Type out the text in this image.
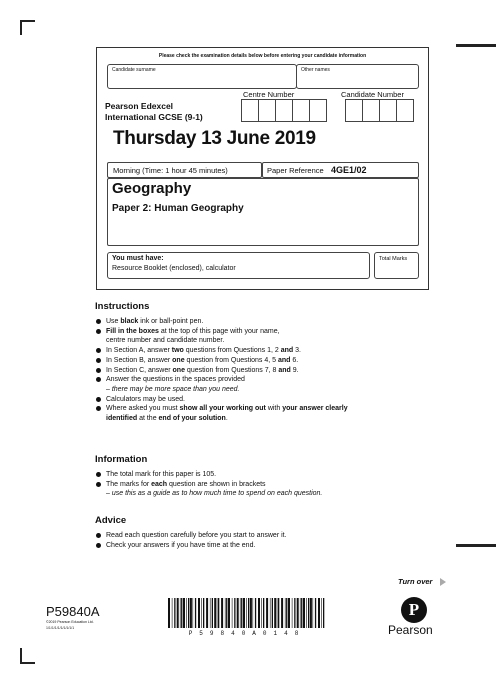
Please check the examination details below before entering your candidate information
Candidate surname	Other names
Pearson Edexcel
International GCSE (9-1)
Centre Number	Candidate Number
Thursday 13 June 2019
Morning (Time: 1 hour 45 minutes)	Paper Reference 4GE1/02
Geography
Paper 2: Human Geography
You must have:
Resource Booklet (enclosed), calculator
Total Marks
Instructions
Use black ink or ball-point pen.
Fill in the boxes at the top of this page with your name,
centre number and candidate number.
In Section A, answer two questions from Questions 1, 2 and 3.
In Section B, answer one question from Questions 4, 5 and 6.
In Section C, answer one question from Questions 7, 8 and 9.
Answer the questions in the spaces provided
– there may be more space than you need.
Calculators may be used.
Where asked you must show all your working out with your answer clearly
identified at the end of your solution.
Information
The total mark for this paper is 105.
The marks for each question are shown in brackets
– use this as a guide as to how much time to spend on each question.
Advice
Read each question carefully before you start to answer it.
Check your answers if you have time at the end.
Turn over
P59840A
©2019 Pearson Education Ltd.
1/1/1/1/1/1/1/1/1/1
P59840A0148
P
Pearson
